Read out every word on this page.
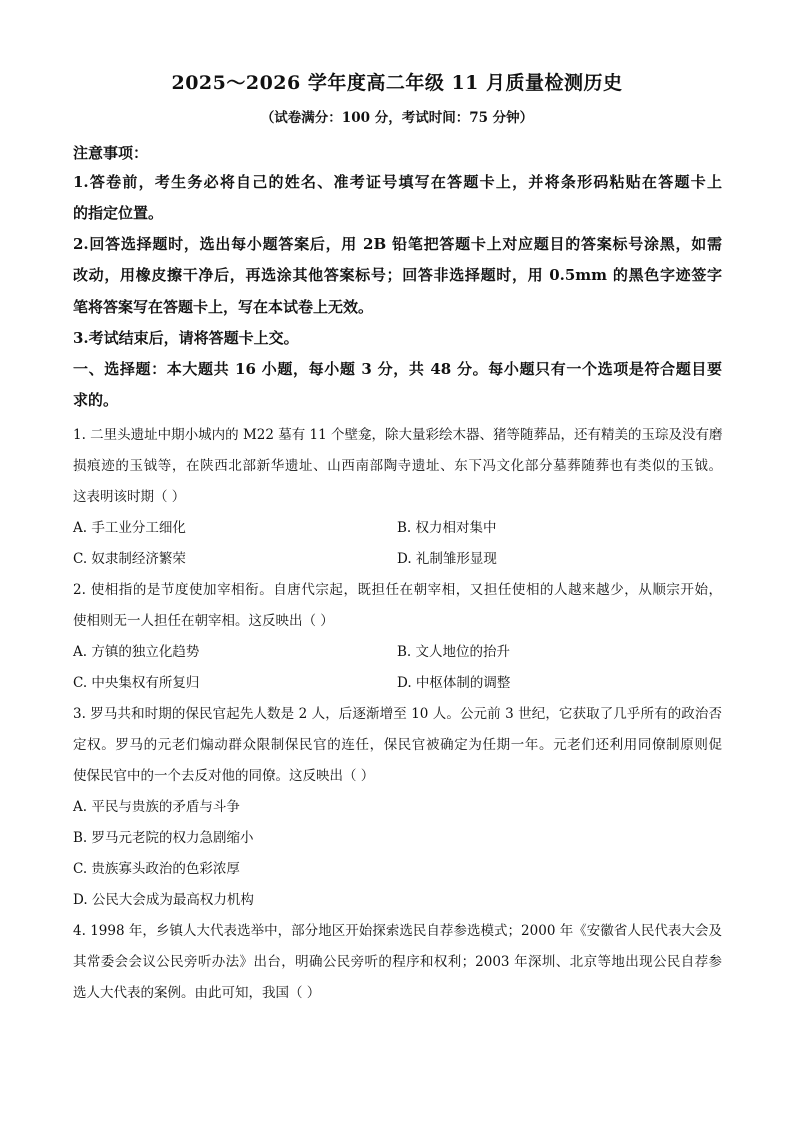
2025～2026 学年度高二年级 11 月质量检测历史
（试卷满分：100 分，考试时间：75 分钟）
注意事项：
1.答卷前，考生务必将自己的姓名、准考证号填写在答题卡上，并将条形码粘贴在答题卡上
的指定位置。
2.回答选择题时，选出每小题答案后，用 2B 铅笔把答题卡上对应题目的答案标号涂黑，如需
改动，用橡皮擦干净后，再选涂其他答案标号；回答非选择题时，用 0.5mm 的黑色字迹签字
笔将答案写在答题卡上，写在本试卷上无效。
3.考试结束后，请将答题卡上交。
一、选择题：本大题共 16 小题，每小题 3 分，共 48 分。每小题只有一个选项是符合题目要
求的。
1. 二里头遗址中期小城内的 M22 墓有 11 个壁龛，除大量彩绘木器、猪等随葬品，还有精美的玉琮及没有磨
损痕迹的玉钺等，在陕西北部新华遗址、山西南部陶寺遗址、东下冯文化部分墓葬随葬也有类似的玉钺。
这表明该时期（ ）
A. 手工业分工细化	B. 权力相对集中
C. 奴隶制经济繁荣	D. 礼制雏形显现
2. 使相指的是节度使加宰相衔。自唐代宗起，既担任在朝宰相，又担任使相的人越来越少，从顺宗开始，
使相则无一人担任在朝宰相。这反映出（ ）
A. 方镇的独立化趋势	B. 文人地位的抬升
C. 中央集权有所复归	D. 中枢体制的调整
3. 罗马共和时期的保民官起先人数是 2 人，后逐渐增至 10 人。公元前 3 世纪，它获取了几乎所有的政治否
定权。罗马的元老们煽动群众限制保民官的连任，保民官被确定为任期一年。元老们还利用同僚制原则促
使保民官中的一个去反对他的同僚。这反映出（ ）
A. 平民与贵族的矛盾与斗争
B. 罗马元老院的权力急剧缩小
C. 贵族寡头政治的色彩浓厚
D. 公民大会成为最高权力机构
4. 1998 年，乡镇人大代表选举中，部分地区开始探索选民自荐参选模式；2000 年《安徽省人民代表大会及
其常委会会议公民旁听办法》出台，明确公民旁听的程序和权利；2003 年深圳、北京等地出现公民自荐参
选人大代表的案例。由此可知，我国（ ）
